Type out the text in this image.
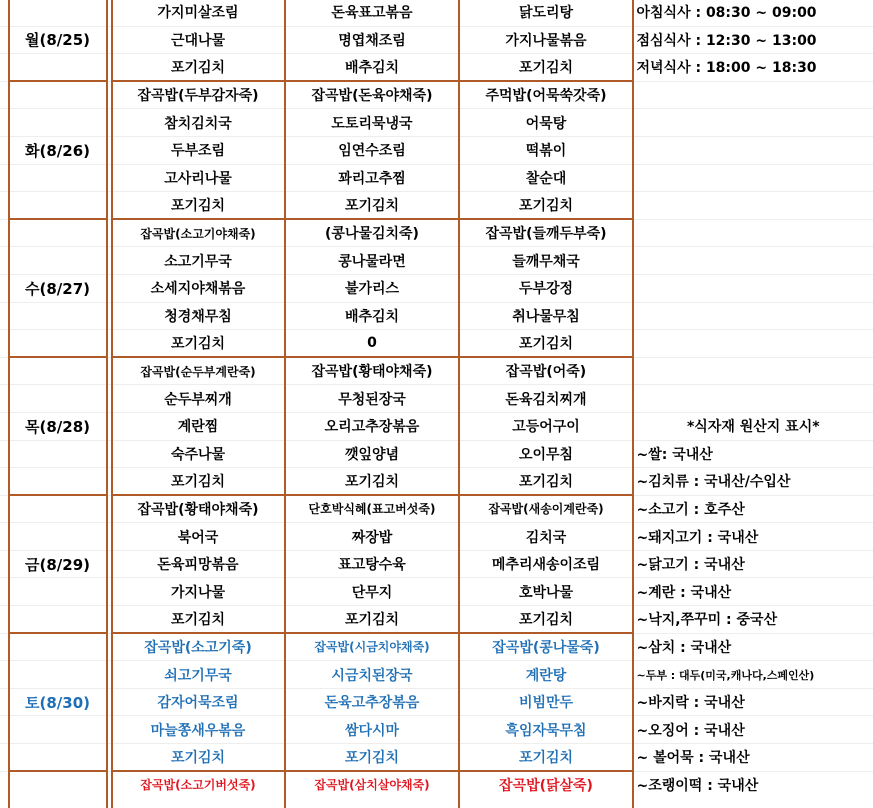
			가지미살조림	돈육표고볶음	닭도리탕	아침식사 : 08:30 ~ 09:00
	월(8/25)		근대나물	명엽채조림	가지나물볶음	점심식사 : 12:30 ~ 13:00
			포기김치	배추김치	포기김치	저녁식사 : 18:00 ~ 18:30
			잡곡밥(두부감자죽)	잡곡밥(돈육야채죽)	주먹밥(어묵쑥갓죽)	
			참치김치국	도토리묵냉국	어묵탕	
	화(8/26)		두부조림	임연수조림	떡볶이	
			고사리나물	꽈리고추찜	찰순대	
			포기김치	포기김치	포기김치	
			잡곡밥(소고기야채죽)	(콩나물김치죽)	잡곡밥(들깨두부죽)	
			소고기무국	콩나물라면	들깨무채국	
	수(8/27)		소세지야채볶음	불가리스	두부강정	
			청경채무침	배추김치	취나물무침	
			포기김치	0	포기김치	
			잡곡밥(순두부계란죽)	잡곡밥(황태야채죽)	잡곡밥(어죽)	
			순두부찌개	무청된장국	돈육김치찌개	
	목(8/28)		계란찜	오리고추장볶음	고등어구이	*식자재 원산지 표시*
			숙주나물	깻잎양념	오이무침	~쌀: 국내산
			포기김치	포기김치	포기김치	~김치류 : 국내산/수입산
			잡곡밥(황태야채죽)	단호박식혜(표고버섯죽)	잡곡밥(새송이계란죽)	~소고기 : 호주산
			북어국	짜장밥	김치국	~돼지고기 : 국내산
	금(8/29)		돈육피망볶음	표고탕수육	메추리새송이조림	~닭고기 : 국내산
			가지나물	단무지	호박나물	~계란 : 국내산
			포기김치	포기김치	포기김치	~낙지,쭈꾸미 : 중국산
			잡곡밥(소고기죽)	잡곡밥(시금치야채죽)	잡곡밥(콩나물죽)	~삼치 : 국내산
			쇠고기무국	시금치된장국	계란탕	~두부 : 대두(미국,캐나다,스페인산)
	토(8/30)		감자어묵조림	돈육고추장볶음	비빔만두	~바지락 : 국내산
			마늘쫑새우볶음	쌈다시마	흑임자묵무침	~오징어 : 국내산
			포기김치	포기김치	포기김치	~ 볼어묵 : 국내산
			잡곡밥(소고기버섯죽)	잡곡밥(삼치살야채죽)	잡곡밥(닭살죽)	~조랭이떡 : 국내산
